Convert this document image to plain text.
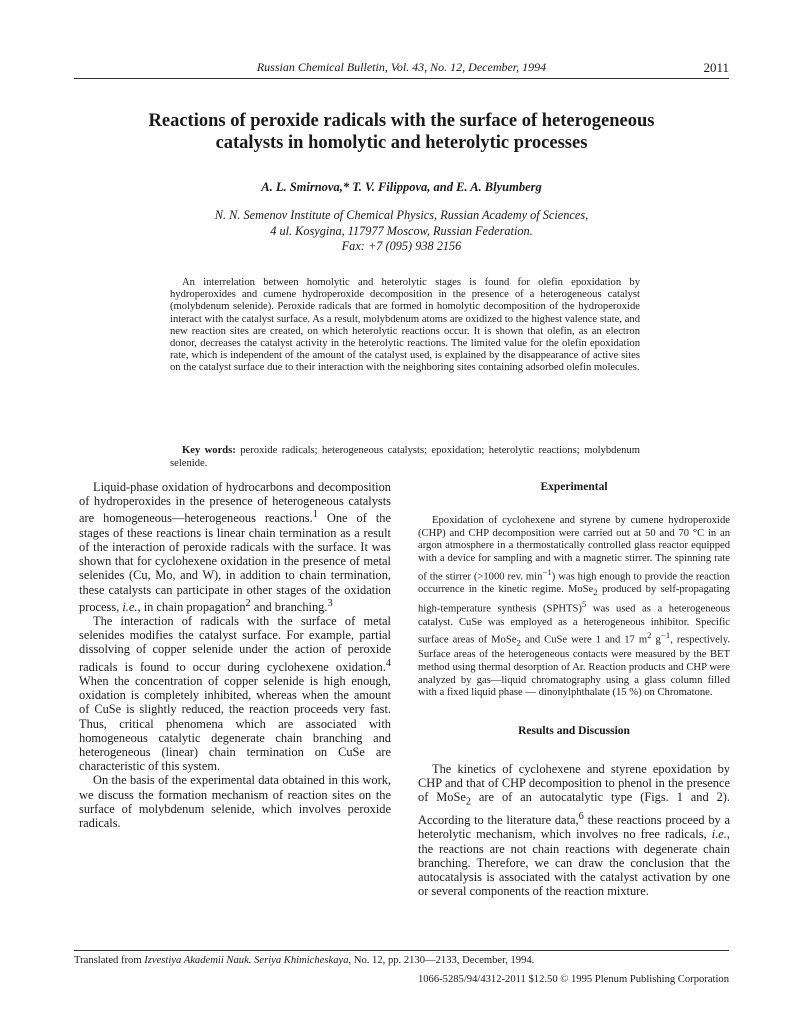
Russian Chemical Bulletin, Vol. 43, No. 12, December, 1994	2011
Reactions of peroxide radicals with the surface of heterogeneous
catalysts in homolytic and heterolytic processes
A. L. Smirnova,* T. V. Filippova, and E. A. Blyumberg
N. N. Semenov Institute of Chemical Physics, Russian Academy of Sciences,
4 ul. Kosygina, 117977 Moscow, Russian Federation.
Fax: +7 (095) 938 2156

An interrelation between homolytic and heterolytic stages is found for olefin epoxidation by hydroperoxides and cumene hydroperoxide decomposition in the presence of a heterogeneous catalyst (molybdenum selenide). Peroxide radicals that are formed in homolytic decomposition of the hydroperoxide interact with the catalyst surface. As a result, molybdenum atoms are oxidized to the highest valence state, and new reaction sites are created, on which heterolytic reactions occur. It is shown that olefin, as an electron donor, decreases the catalyst activity in the heterolytic reactions. The limited value for the olefin epoxidation rate, which is independent of the amount of the catalyst used, is explained by the disappearance of active sites on the catalyst surface due to their interaction with the neighboring sites containing adsorbed olefin molecules.

Key words: peroxide radicals; heterogeneous catalysts; epoxidation; heterolytic reactions; molybdenum selenide.

Liquid-phase oxidation of hydrocarbons and decomposition of hydroperoxides in the presence of heterogeneous catalysts are homogeneous—heterogeneous reactions.$^1$ One of the stages of these reactions is linear chain termination as a result of the interaction of peroxide radicals with the surface. It was shown that for cyclohexene oxidation in the presence of metal selenides (Cu, Mo, and W), in addition to chain termination, these catalysts can participate in other stages of the oxidation process, i.e., in chain propagation$^2$ and branching.$^3$

The interaction of radicals with the surface of metal selenides modifies the catalyst surface. For example, partial dissolving of copper selenide under the action of peroxide radicals is found to occur during cyclohexene oxidation.$^4$ When the concentration of copper selenide is high enough, oxidation is completely inhibited, whereas when the amount of CuSe is slightly reduced, the reaction proceeds very fast. Thus, critical phenomena which are associated with homogeneous catalytic degenerate chain branching and heterogeneous (linear) chain termination on CuSe are characteristic of this system.

On the basis of the experimental data obtained in this work, we discuss the formation mechanism of reaction sites on the surface of molybdenum selenide, which involves peroxide radicals.

Experimental

Epoxidation of cyclohexene and styrene by cumene hydroperoxide (CHP) and CHP decomposition were carried out at 50 and 70 °C in an argon atmosphere in a thermostatically controlled glass reactor equipped with a device for sampling and with a magnetic stirrer. The spinning rate of the stirrer (>1000 rev. $\min^{-1}$) was high enough to provide the reaction occurrence in the kinetic regime. MoSe$_2$ produced by self-propagating high-temperature synthesis (SPHTS)$^5$ was used as a heterogeneous catalyst. CuSe was employed as a heterogeneous inhibitor. Specific surface areas of MoSe$_2$ and CuSe were 1 and 17 $m^2$ $g^{-1}$, respectively. Surface areas of the heterogeneous contacts were measured by the BET method using thermal desorption of Ar. Reaction products and CHP were analyzed by gas—liquid chromatography using a glass column filled with a fixed liquid phase — dinonylphthalate (15 %) on Chromatone.

Results and Discussion

The kinetics of cyclohexene and styrene epoxidation by CHP and that of CHP decomposition to phenol in the presence of MoSe$_2$ are of an autocatalytic type (Figs. 1 and 2). According to the literature data,$^6$ these reactions proceed by a heterolytic mechanism, which involves no free radicals, i.e., the reactions are not chain reactions with degenerate chain branching. Therefore, we can draw the conclusion that the autocatalysis is associated with the catalyst activation by one or several components of the reaction mixture.

Translated from Izvestiya Akademii Nauk. Seriya Khimicheskaya, No. 12, pp. 2130—2133, December, 1994.
1066-5285/94/4312-2011 $12.50 © 1995 Plenum Publishing Corporation
